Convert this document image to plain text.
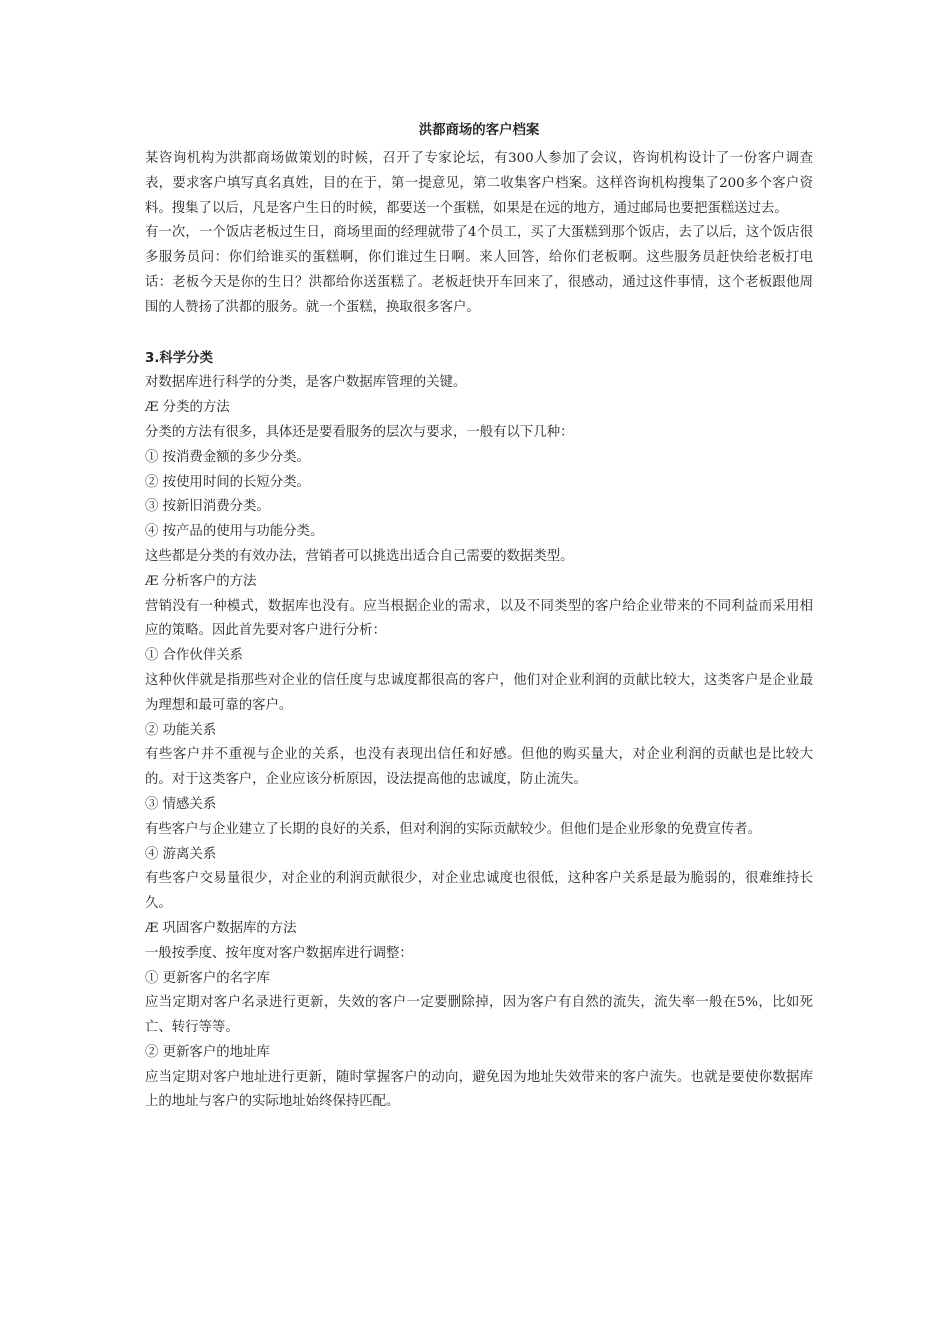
洪都商场的客户档案

某咨询机构为洪都商场做策划的时候，召开了专家论坛，有300人参加了会议，咨询机构设计了一份客户调查表，要求客户填写真名真姓，目的在于，第一提意见，第二收集客户档案。这样咨询机构搜集了200多个客户资料。搜集了以后，凡是客户生日的时候，都要送一个蛋糕，如果是在远的地方，通过邮局也要把蛋糕送过去。

有一次，一个饭店老板过生日，商场里面的经理就带了4个员工，买了大蛋糕到那个饭店，去了以后，这个饭店很多服务员问：你们给谁买的蛋糕啊，你们谁过生日啊。来人回答，给你们老板啊。这些服务员赶快给老板打电话：老板今天是你的生日？洪都给你送蛋糕了。老板赶快开车回来了，很感动，通过这件事情，这个老板跟他周围的人赞扬了洪都的服务。就一个蛋糕，换取很多客户。

3.科学分类

对数据库进行科学的分类，是客户数据库管理的关键。

Æ 分类的方法

分类的方法有很多，具体还是要看服务的层次与要求，一般有以下几种：

① 按消费金额的多少分类。

② 按使用时间的长短分类。

③ 按新旧消费分类。

④ 按产品的使用与功能分类。

这些都是分类的有效办法，营销者可以挑选出适合自己需要的数据类型。

Æ 分析客户的方法

营销没有一种模式，数据库也没有。应当根据企业的需求，以及不同类型的客户给企业带来的不同利益而采用相应的策略。因此首先要对客户进行分析：

① 合作伙伴关系

这种伙伴就是指那些对企业的信任度与忠诚度都很高的客户，他们对企业利润的贡献比较大，这类客户是企业最为理想和最可靠的客户。

② 功能关系

有些客户并不重视与企业的关系，也没有表现出信任和好感。但他的购买量大，对企业利润的贡献也是比较大的。对于这类客户，企业应该分析原因，设法提高他的忠诚度，防止流失。

③ 情感关系

有些客户与企业建立了长期的良好的关系，但对利润的实际贡献较少。但他们是企业形象的免费宣传者。

④ 游离关系

有些客户交易量很少，对企业的利润贡献很少，对企业忠诚度也很低，这种客户关系是最为脆弱的，很难维持长久。

Æ 巩固客户数据库的方法

一般按季度、按年度对客户数据库进行调整：

① 更新客户的名字库

应当定期对客户名录进行更新，失效的客户一定要删除掉，因为客户有自然的流失，流失率一般在5%，比如死亡、转行等等。

② 更新客户的地址库

应当定期对客户地址进行更新，随时掌握客户的动向，避免因为地址失效带来的客户流失。也就是要使你数据库上的地址与客户的实际地址始终保持匹配。
